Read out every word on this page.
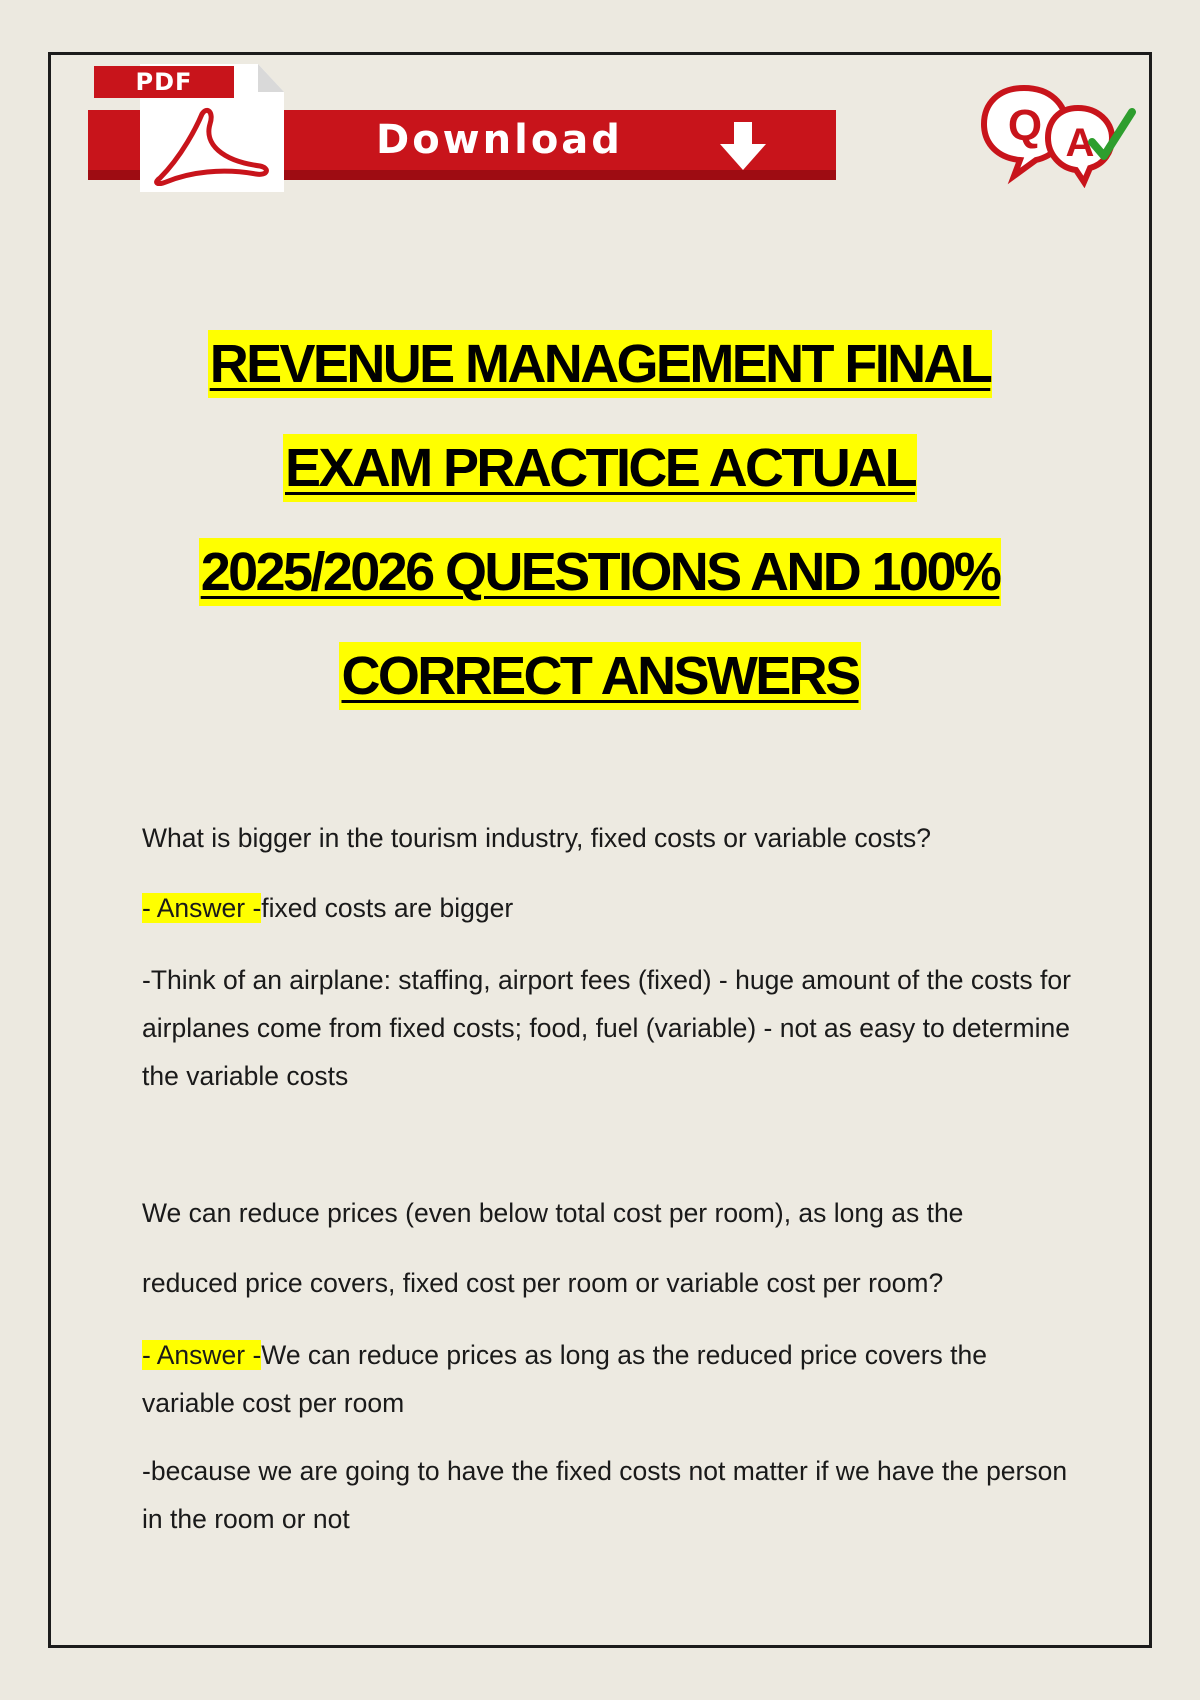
PDF
Download	Q A
REVENUE MANAGEMENT FINAL
EXAM PRACTICE ACTUAL
2025/2026 QUESTIONS AND 100%
CORRECT ANSWERS

What is bigger in the tourism industry, fixed costs or variable costs?

- Answer -fixed costs are bigger

-Think of an airplane: staffing, airport fees (fixed) - huge amount of the costs for airplanes come from fixed costs; food, fuel (variable) - not as easy to determine the variable costs

We can reduce prices (even below total cost per room), as long as the

reduced price covers, fixed cost per room or variable cost per room?

- Answer -We can reduce prices as long as the reduced price covers the variable cost per room

-because we are going to have the fixed costs not matter if we have the person in the room or not
